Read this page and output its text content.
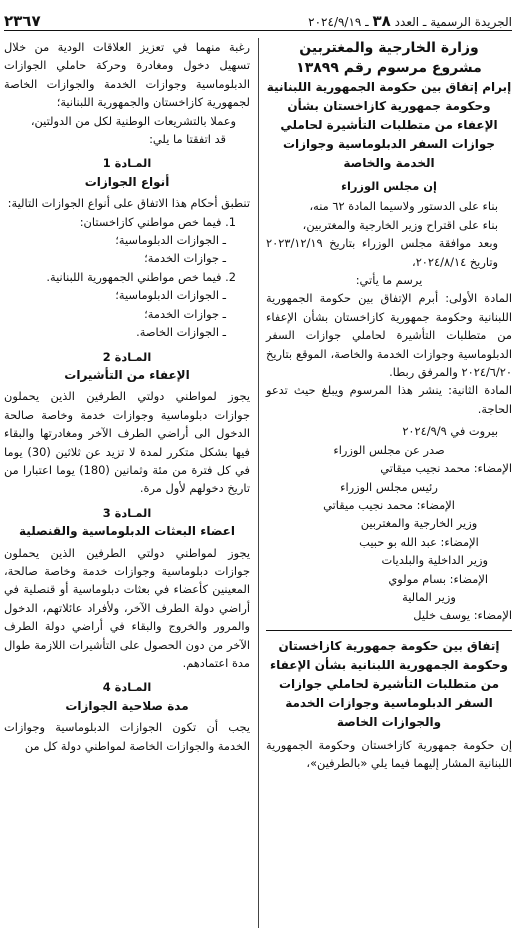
الجريدة الرسمية ـ العدد ٣٨ ـ ٢٠٢٤/٩/١٩
٢٣٦٧

وزارة الخارجية والمغتربين

مشروع مرسوم رقم ١٣٨٩٩

إبرام إتفاق بين حكومة الجمهورية اللبنانية وحكومة جمهورية كازاخستان بشأن الإعفاء من متطلبات التأشيرة لحاملي جوازات السفر الدبلوماسية وجوازات الخدمة والخاصة

إن مجلس الوزراء

بناء على الدستور ولاسيما المادة ٦٢ منه،

بناء على اقتراح وزير الخارجية والمغتربين،

وبعد موافقة مجلس الوزراء بتاريخ ٢٠٢٣/١٢/١٩ وتاريخ ٢٠٢٤/٨/١٤،

يرسم ما يأتي:

المادة الأولى: أبرم الإتفاق بين حكومة الجمهورية اللبنانية وحكومة جمهورية كازاخستان بشأن الإعفاء من متطلبات التأشيرة لحاملي جوازات السفر الدبلوماسية وجوازات الخدمة والخاصة، الموقع بتاريخ ٢٠٢٤/٦/٢٠ والمرفق ربطا.

المادة الثانية: ينشر هذا المرسوم ويبلغ حيث تدعو الحاجة.

بيروت في ٢٠٢٤/٩/٩

صدر عن مجلس الوزراء

الإمضاء: محمد نجيب ميقاتي

رئيس مجلس الوزراء

الإمضاء: محمد نجيب ميقاتي

وزير الخارجية والمغتربين

الإمضاء: عبد الله بو حبيب

وزير الداخلية والبلديات

الإمضاء: بسام مولوي

وزير المالية

الإمضاء: يوسف خليل

إتفاق بين حكومة جمهورية كازاخستان وحكومة الجمهورية اللبنانية بشأن الإعفاء من متطلبات التأشيرة لحاملي جوازات السفر الدبلوماسية وجوازات الخدمة والجوازات الخاصة

إن حكومة جمهورية كازاخستان وحكومة الجمهورية اللبنانية المشار إليهما فيما يلي «بالطرفين»،

رغبة منهما في تعزيز العلاقات الودية من خلال تسهيل دخول ومغادرة وحركة حاملي الجوازات الدبلوماسية وجوازات الخدمة والجوازات الخاصة لجمهورية كازاخستان والجمهورية اللبنانية؛

وعملا بالتشريعات الوطنية لكل من الدولتين،

قد اتفقتا ما يلي:

المـادة 1

أنواع الجوازات

تنطبق أحكام هذا الاتفاق على أنواع الجوازات التالية:

1. فيما خص مواطني كازاخستان:

ـ الجوازات الدبلوماسية؛

ـ جوازات الخدمة؛

2. فيما خص مواطني الجمهورية اللبنانية.

ـ الجوازات الدبلوماسية؛

ـ جوازات الخدمة؛

ـ الجوازات الخاصة.

المـادة 2

الإعفاء من التأشيرات

يجوز لمواطني دولتي الطرفين الذين يحملون جوازات دبلوماسية وجوازات خدمة وخاصة صالحة الدخول الى أراضي الطرف الآخر ومغادرتها والبقاء فيها بشكل متكرر لمدة لا تزيد عن ثلاثين (30) يوما في كل فترة من مئة وثمانين (180) يوما اعتبارا من تاريخ دخولهم لأول مرة.

المـادة 3

اعضاء البعثات الدبلوماسية والقنصلية

يجوز لمواطني دولتي الطرفين الذين يحملون جوازات دبلوماسية وجوازات خدمة وخاصة صالحة، المعينين كأعضاء في بعثات دبلوماسية أو قنصلية في أراضي دولة الطرف الآخر، ولأفراد عائلاتهم، الدخول والمرور والخروج والبقاء في أراضي دولة الطرف الآخر من دون الحصول على التأشيرات اللازمة طوال مدة اعتمادهم.

المـادة 4

مدة صلاحية الجوازات

يجب أن تكون الجوازات الدبلوماسية وجوازات الخدمة والجوازات الخاصة لمواطني دولة كل من
